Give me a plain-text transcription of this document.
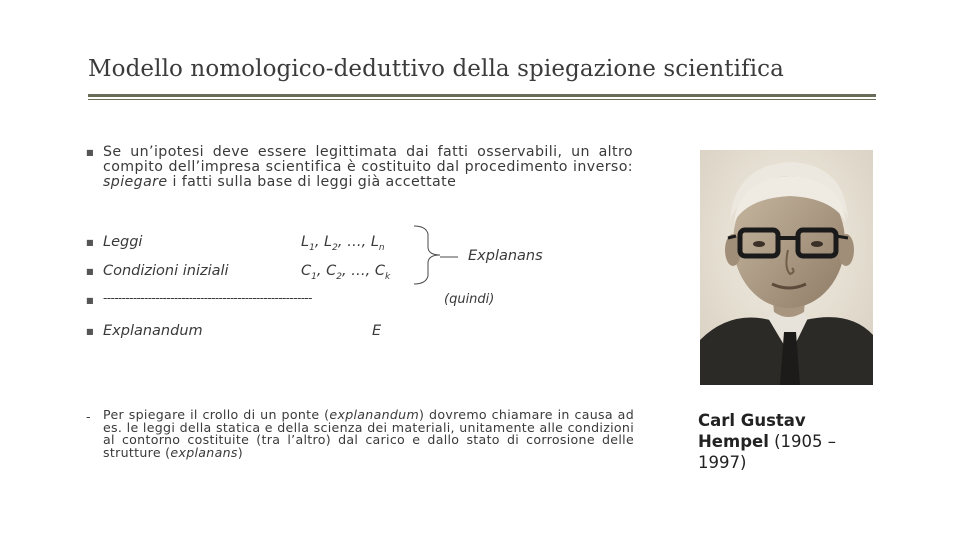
Modello nomologico-deduttivo della spiegazione scientifica
■ Se un’ipotesi deve essere legittimata dai fatti osservabili, un altro compito dell’impresa scientifica è costituito dal procedimento inverso: spiegare i fatti sulla base di leggi già accettate
■ Leggi	$L_1$, $L_2$, …, $L_n$
■ Condizioni iniziali	$C_1$, $C_2$, …, $C_k$
Explanans
■ --------------------------------------------------------	(quindi)
■ Explanandum	E
- Per spiegare il crollo di un ponte (explanandum) dovremo chiamare in causa ad es. le leggi della statica e della scienza dei materiali, unitamente alle condizioni al contorno costituite (tra l’altro) dal carico e dallo stato di corrosione delle strutture (explanans)
Carl Gustav Hempel (1905 – 1997)
